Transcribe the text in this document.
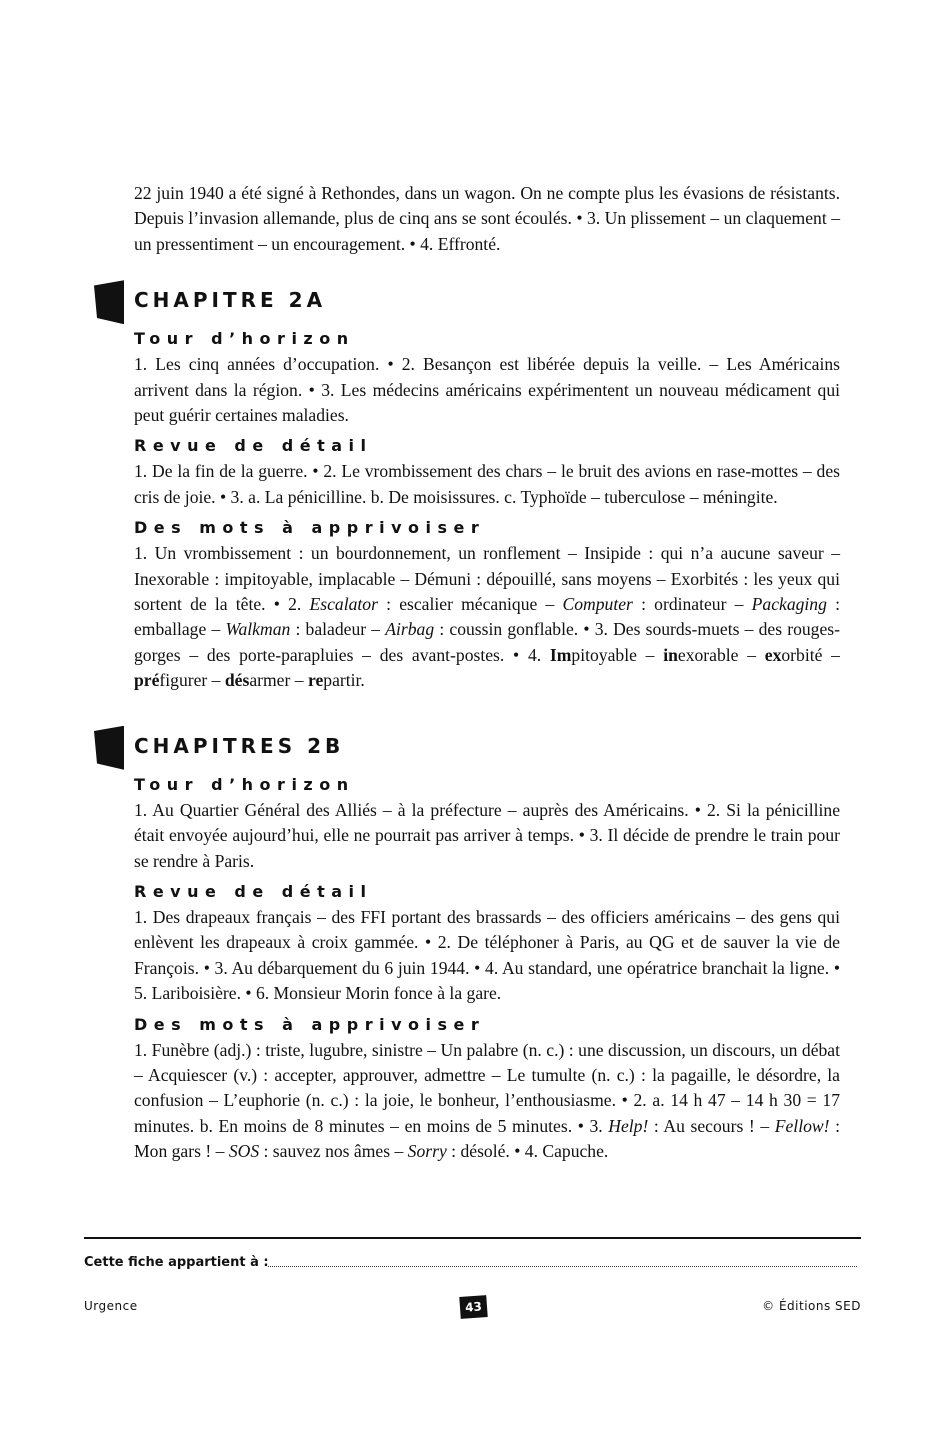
22 juin 1940 a été signé à Rethondes, dans un wagon. On ne compte plus les évasions de résistants. Depuis l’invasion allemande, plus de cinq ans se sont écoulés. • 3. Un plissement – un claquement – un pressentiment – un encouragement. • 4. Effronté.

CHAPITRE 2A
Tour d’horizon

1. Les cinq années d’occupation. • 2. Besançon est libérée depuis la veille. – Les Américains arrivent dans la région. • 3. Les médecins américains expérimentent un nouveau médicament qui peut guérir certaines maladies.

Revue de détail

1. De la fin de la guerre. • 2. Le vrombissement des chars – le bruit des avions en rase-mottes – des cris de joie. • 3. a. La pénicilline. b. De moisissures. c. Typhoïde – tuberculose – méningite.

Des mots à apprivoiser

1. Un vrombissement : un bourdonnement, un ronflement – Insipide : qui n’a aucune saveur – Inexorable : impitoyable, implacable – Démuni : dépouillé, sans moyens – Exorbités : les yeux qui sortent de la tête. • 2. Escalator : escalier mécanique – Computer : ordinateur – Packaging : emballage – Walkman : baladeur – Airbag : coussin gonflable. • 3. Des sourds-muets – des rouges-gorges – des porte-parapluies – des avant-postes. • 4. Impitoyable – inexorable – exorbité – préfigurer – désarmer – repartir.

CHAPITRES 2B
Tour d’horizon

1. Au Quartier Général des Alliés – à la préfecture – auprès des Américains. • 2. Si la pénicilline était envoyée aujourd’hui, elle ne pourrait pas arriver à temps. • 3. Il décide de prendre le train pour se rendre à Paris.

Revue de détail

1. Des drapeaux français – des FFI portant des brassards – des officiers américains – des gens qui enlèvent les drapeaux à croix gammée. • 2. De téléphoner à Paris, au QG et de sauver la vie de François. • 3. Au débarquement du 6 juin 1944. • 4. Au standard, une opératrice branchait la ligne. • 5. Lariboisière. • 6. Monsieur Morin fonce à la gare.

Des mots à apprivoiser

1. Funèbre (adj.) : triste, lugubre, sinistre – Un palabre (n. c.) : une discussion, un discours, un débat – Acquiescer (v.) : accepter, approuver, admettre – Le tumulte (n. c.) : la pagaille, le désordre, la confusion – L’euphorie (n. c.) : la joie, le bonheur, l’enthousiasme. • 2. a. 14 h 47 – 14 h 30 = 17 minutes. b. En moins de 8 minutes – en moins de 5 minutes. • 3. Help! : Au secours ! – Fellow! : Mon gars ! – SOS : sauvez nos âmes – Sorry : désolé. • 4. Capuche.

Cette fiche appartient à :
Urgence	43	© Éditions SED
